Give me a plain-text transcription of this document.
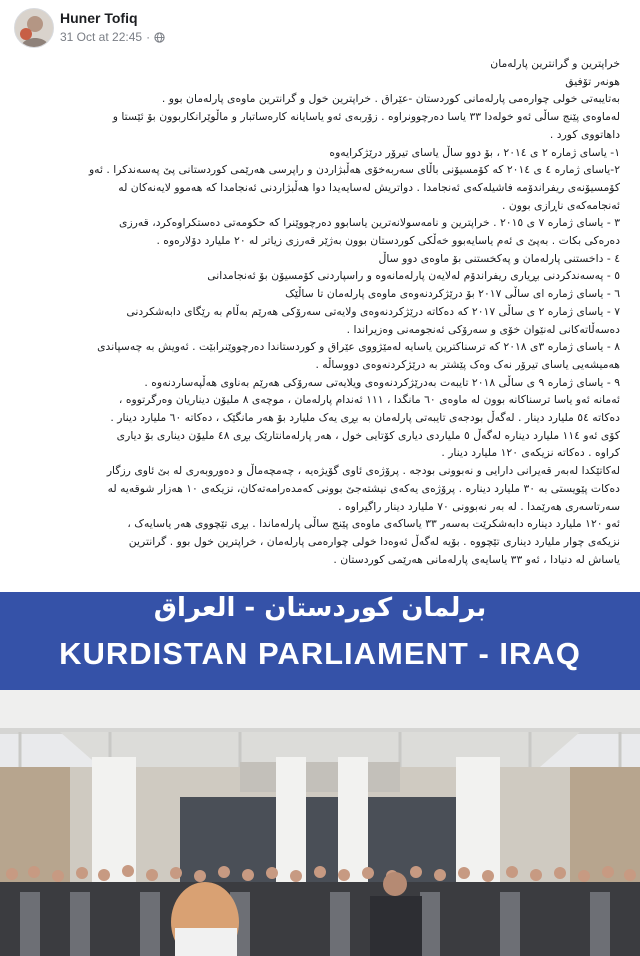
Huner Tofiq
31 Oct at 22:45 ·

خراپترین و گرانترین پارلەمان

هونەر تۆفیق

بەتایبەتی خولی چوارەمی پارلەمانی کوردستان -عێراق . خراپترین خول و گرانترین ماوەی پارلەمان بوو .

لەماوەی پێنج ساڵی ئەو خولەدا ٣٣ یاسا دەرچوونراوە . زۆربەی ئەو یاسایانە کارەساتبار و ماڵوێرانکاربوون بۆ ئێستا و

داهاتووی کورد .

١- یاسای ژمارە ٢ ی ٢٠١٤ ، بۆ دوو ساڵ یاسای تیرۆر درێژکرایەوە

٢-یاسای ژمارە ٤ ی ٢٠١٤ کە کۆمسیۆنی باڵای سەربەخۆی هەڵبژاردن و راپرسی هەرێمی کوردستانی پێ پەسەندکرا . ئەو

کۆمسیۆنەی ریفراندۆمە فاشیلەکەی ئەنجامدا . دواتریش لەسایەیدا دوا هەڵبژاردنی ئەنجامدا کە هەموو لایەنەکان لە

ئەنجامەکەی ناڕازی بوون .

٣ - یاسای ژمارە ٧ ی ٢٠١٥ . خراپترین و نامەسولانەترین یاسابوو دەرچووێنرا کە حکومەتی دەستکراوەکرد، قەرزی

دەرەکی بکات . بەپێ ی ئەم یاسایەبوو خەڵکی کوردستان بوون بەژێر قەرزی زیاتر لە ٢٠ ملیارد دۆلارەوە .

٤ - داخستنی پارلەمان و پەکخستنی بۆ ماوەی دوو ساڵ

٥ - پەسەندکردنی بڕیاری ریفراندۆم لەلایەن پارلەمانەوە و راسپاردنی کۆمسیۆن بۆ ئەنجامدانی

٦ - یاسای ژمارە ای ساڵی ٢٠١٧ بۆ درێژکردنەوەی ماوەی پارلەمان تا ساڵێک

٧ - یاسای ژمارە ٢ ی ساڵی ٢٠١٧ کە دەکاتە درێژکردنەوەی ولایەتی سەرۆکی هەرێم بەڵام بە رێگای دابەشکردنی

دەسەڵاتەکانی لەنێوان خۆی و سەرۆکی ئەنجومەنی وەزیراندا .

٨ - یاسای ژمارە ٣ی ٢٠١٨ کە ترسناکترین یاسایە لەمێژووی عێراق و کوردستاندا دەرچووێنرابێت . ئەویش بە چەسپاندی

هەمیشەیی یاسای تیرۆر نەک وەک پێشتر بە درێژکردنەوەی دووساڵە .

٩ - یاسای ژمارە ٩ ی ساڵی ٢٠١٨ تایبەت بەدرێژکردنەوەی ویلایەتی سەرۆکی هەرێم بەناوی هەڵپەساردنەوە .

ئەمانە ئەو یاسا ترسناکانە بوون لە ماوەی ٦٠ مانگدا ، ١١١ ئەندام پارلەمان ، موچەی ٨ ملیۆن دیناریان وەرگرتووە ،

دەکاتە ٥٤ ملیارد دینار . لەگەڵ بودجەی تایبەتی پارلەمان بە بڕی یەک ملیارد بۆ هەر مانگێک ، دەکاتە ٦٠ ملیارد دینار .

کۆی ئەو ١١٤ ملیارد دینارە لەگەڵ ٥ ملیاردی دیاری کۆتایی خول ، هەر پارلەمانتارێک بڕی ٤٨ ملیۆن دیناری بۆ دیاری

کراوە . دەکاتە نزیکەی ١٢٠ ملیارد دینار .

لەکاتێکدا لەبەر قەیرانی دارایی و نەبوونی بودجە . پرۆژەی ئاوی گۆیژەیە ، چەمچەماڵ و دەوروبەری لە بێ ئاوی رزگار

دەکات پێویستی بە ٣٠ ملیارد دینارە . پرۆژەی یەکەی نیشتەجێ بوونی کەمدەرامەتەکان، نزیکەی ١٠ هەزار شوقەیە لە

سەرتاسەری هەرێمدا . لە بەر نەبوونی ٧٠ ملیارد دینار راگیراوە .

ئەو ١٢٠ ملیارد دینارە دابەشکرێت بەسەر ٣٣ یاساکەی ماوەی پێنج ساڵی پارلەماندا . بڕی تێچووی هەر یاسایەک ،

نزیکەی چوار ملیارد دیناری تێچووە . بۆیە لەگەڵ ئەوەدا خولی چوارەمی پارلەمان ، خراپترین خول بوو . گرانترین

یاساش لە دنیادا ، ئەو ٣٣ یاسایەی پارلەمانی هەرێمی کوردستان .

برلمان كوردستان - العراق
KURDISTAN PARLIAMENT - IRAQ
